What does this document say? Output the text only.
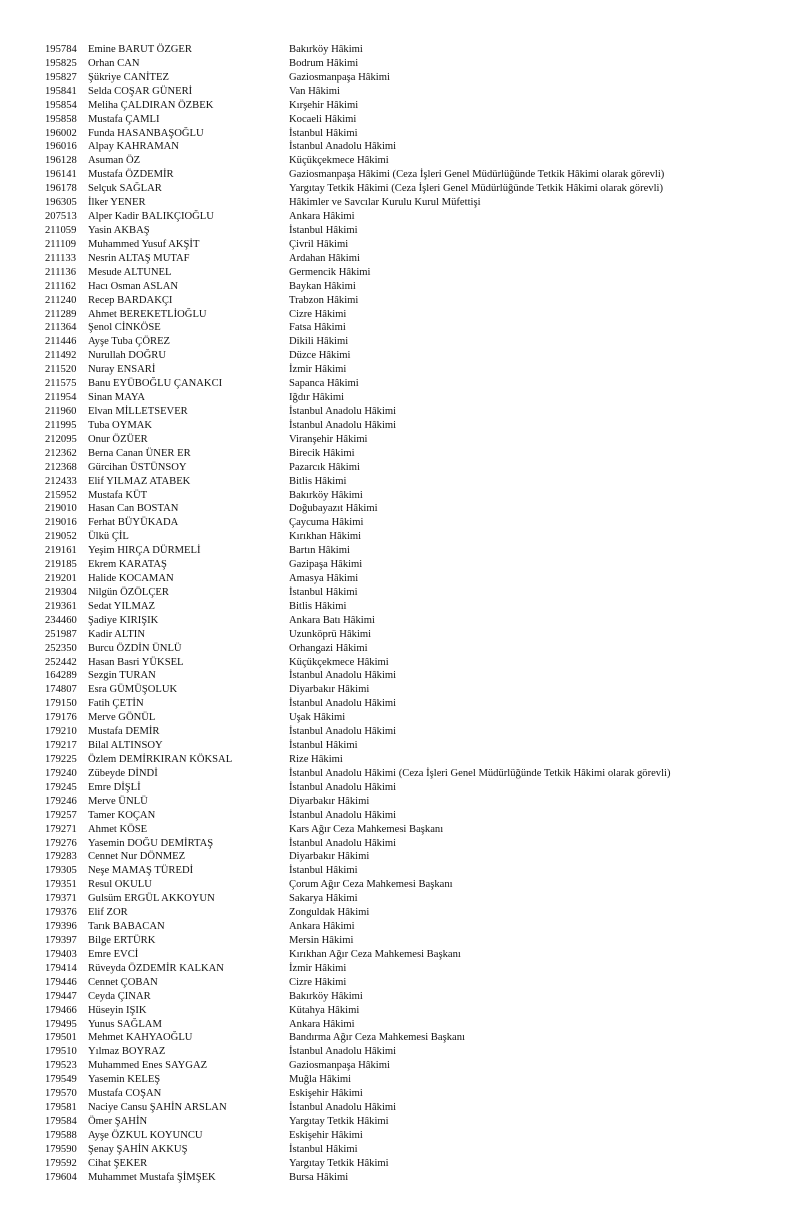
195784 Emine BARUT ÖZGER	Bakırköy Hâkimi
195825 Orhan CAN	Bodrum Hâkimi
195827 Şükriye CANİTEZ	Gaziosmanpaşa Hâkimi
195841 Selda COŞAR GÜNERİ	Van Hâkimi
195854 Meliha ÇALDIRAN ÖZBEK	Kırşehir Hâkimi
195858 Mustafa ÇAMLI	Kocaeli Hâkimi
196002 Funda HASANBAŞOĞLU	İstanbul Hâkimi
196016 Alpay KAHRAMAN	İstanbul Anadolu Hâkimi
196128 Asuman ÖZ	Küçükçekmece Hâkimi
196141 Mustafa ÖZDEMİR	Gaziosmanpaşa Hâkimi (Ceza İşleri Genel Müdürlüğünde Tetkik Hâkimi olarak görevli)
196178 Selçuk SAĞLAR	Yargıtay Tetkik Hâkimi (Ceza İşleri Genel Müdürlüğünde Tetkik Hâkimi olarak görevli)
196305 İlker YENER	Hâkimler ve Savcılar Kurulu Kurul Müfettişi
207513 Alper Kadir BALIKÇIOĞLU	Ankara Hâkimi
211059 Yasin AKBAŞ	İstanbul Hâkimi
211109 Muhammed Yusuf AKŞİT	Çivril Hâkimi
211133 Nesrin ALTAŞ MUTAF	Ardahan Hâkimi
211136 Mesude ALTUNEL	Germencik Hâkimi
211162 Hacı Osman ASLAN	Baykan Hâkimi
211240 Recep BARDAKÇI	Trabzon Hâkimi
211289 Ahmet BEREKETLİOĞLU	Cizre Hâkimi
211364 Şenol CİNKÖSE	Fatsa Hâkimi
211446 Ayşe Tuba ÇÖREZ	Dikili Hâkimi
211492 Nurullah DOĞRU	Düzce Hâkimi
211520 Nuray ENSARİ	İzmir Hâkimi
211575 Banu EYÜBOĞLU ÇANAKCI	Sapanca Hâkimi
211954 Sinan MAYA	Iğdır Hâkimi
211960 Elvan MİLLETSEVER	İstanbul Anadolu Hâkimi
211995 Tuba OYMAK	İstanbul Anadolu Hâkimi
212095 Onur ÖZÜER	Viranşehir Hâkimi
212362 Berna Canan ÜNER ER	Birecik Hâkimi
212368 Gürcihan ÜSTÜNSOY	Pazarcık Hâkimi
212433 Elif YILMAZ ATABEK	Bitlis Hâkimi
215952 Mustafa KÜT	Bakırköy Hâkimi
219010 Hasan Can BOSTAN	Doğubayazıt Hâkimi
219016 Ferhat BÜYÜKADA	Çaycuma Hâkimi
219052 Ülkü ÇİL	Kırıkhan Hâkimi
219161 Yeşim HIRÇA DÜRMELİ	Bartın Hâkimi
219185 Ekrem KARATAŞ	Gazipaşa Hâkimi
219201 Halide KOCAMAN	Amasya Hâkimi
219304 Nilgün ÖZÖLÇER	İstanbul Hâkimi
219361 Sedat YILMAZ	Bitlis Hâkimi
234460 Şadiye KIRIŞIK	Ankara Batı Hâkimi
251987 Kadir ALTIN	Uzunköprü Hâkimi
252350 Burcu ÖZDİN ÜNLÜ	Orhangazi Hâkimi
252442 Hasan Basri YÜKSEL	Küçükçekmece Hâkimi
164289 Sezgin TURAN	İstanbul Anadolu Hâkimi
174807 Esra GÜMÜŞOLUK	Diyarbakır Hâkimi
179150 Fatih ÇETİN	İstanbul Anadolu Hâkimi
179176 Merve GÖNÜL	Uşak Hâkimi
179210 Mustafa DEMİR	İstanbul Anadolu Hâkimi
179217 Bilal ALTINSOY	İstanbul Hâkimi
179225 Özlem DEMİRKIRAN KÖKSAL	Rize Hâkimi
179240 Zübeyde DİNDİ	İstanbul Anadolu Hâkimi (Ceza İşleri Genel Müdürlüğünde Tetkik Hâkimi olarak görevli)
179245 Emre DİŞLİ	İstanbul Anadolu Hâkimi
179246 Merve ÜNLÜ	Diyarbakır Hâkimi
179257 Tamer KOÇAN	İstanbul Anadolu Hâkimi
179271 Ahmet KÖSE	Kars Ağır Ceza Mahkemesi Başkanı
179276 Yasemin DOĞU DEMİRTAŞ	İstanbul Anadolu Hâkimi
179283 Cennet Nur DÖNMEZ	Diyarbakır Hâkimi
179305 Neşe MAMAŞ TÜREDİ	İstanbul Hâkimi
179351 Resul OKULU	Çorum Ağır Ceza Mahkemesi Başkanı
179371 Gulsüm ERGÜL AKKOYUN	Sakarya Hâkimi
179376 Elif ZOR	Zonguldak Hâkimi
179396 Tarık BABACAN	Ankara Hâkimi
179397 Bilge ERTÜRK	Mersin Hâkimi
179403 Emre EVCİ	Kırıkhan Ağır Ceza Mahkemesi Başkanı
179414 Rüveyda ÖZDEMİR KALKAN	İzmir Hâkimi
179446 Cennet ÇOBAN	Cizre Hâkimi
179447 Ceyda ÇINAR	Bakırköy Hâkimi
179466 Hüseyin IŞIK	Kütahya Hâkimi
179495 Yunus SAĞLAM	Ankara Hâkimi
179501 Mehmet KAHYAOĞLU	Bandırma Ağır Ceza Mahkemesi Başkanı
179510 Yılmaz BOYRAZ	İstanbul Anadolu Hâkimi
179523 Muhammed Enes SAYGAZ	Gaziosmanpaşa Hâkimi
179549 Yasemin KELEŞ	Muğla Hâkimi
179570 Mustafa COŞAN	Eskişehir Hâkimi
179581 Naciye Cansu ŞAHİN ARSLAN	İstanbul Anadolu Hâkimi
179584 Ömer ŞAHİN	Yargıtay Tetkik Hâkimi
179588 Ayşe ÖZKUL KOYUNCU	Eskişehir Hâkimi
179590 Şenay ŞAHİN AKKUŞ	İstanbul Hâkimi
179592 Cihat ŞEKER	Yargıtay Tetkik Hâkimi
179604 Muhammet Mustafa ŞİMŞEK	Bursa Hâkimi
